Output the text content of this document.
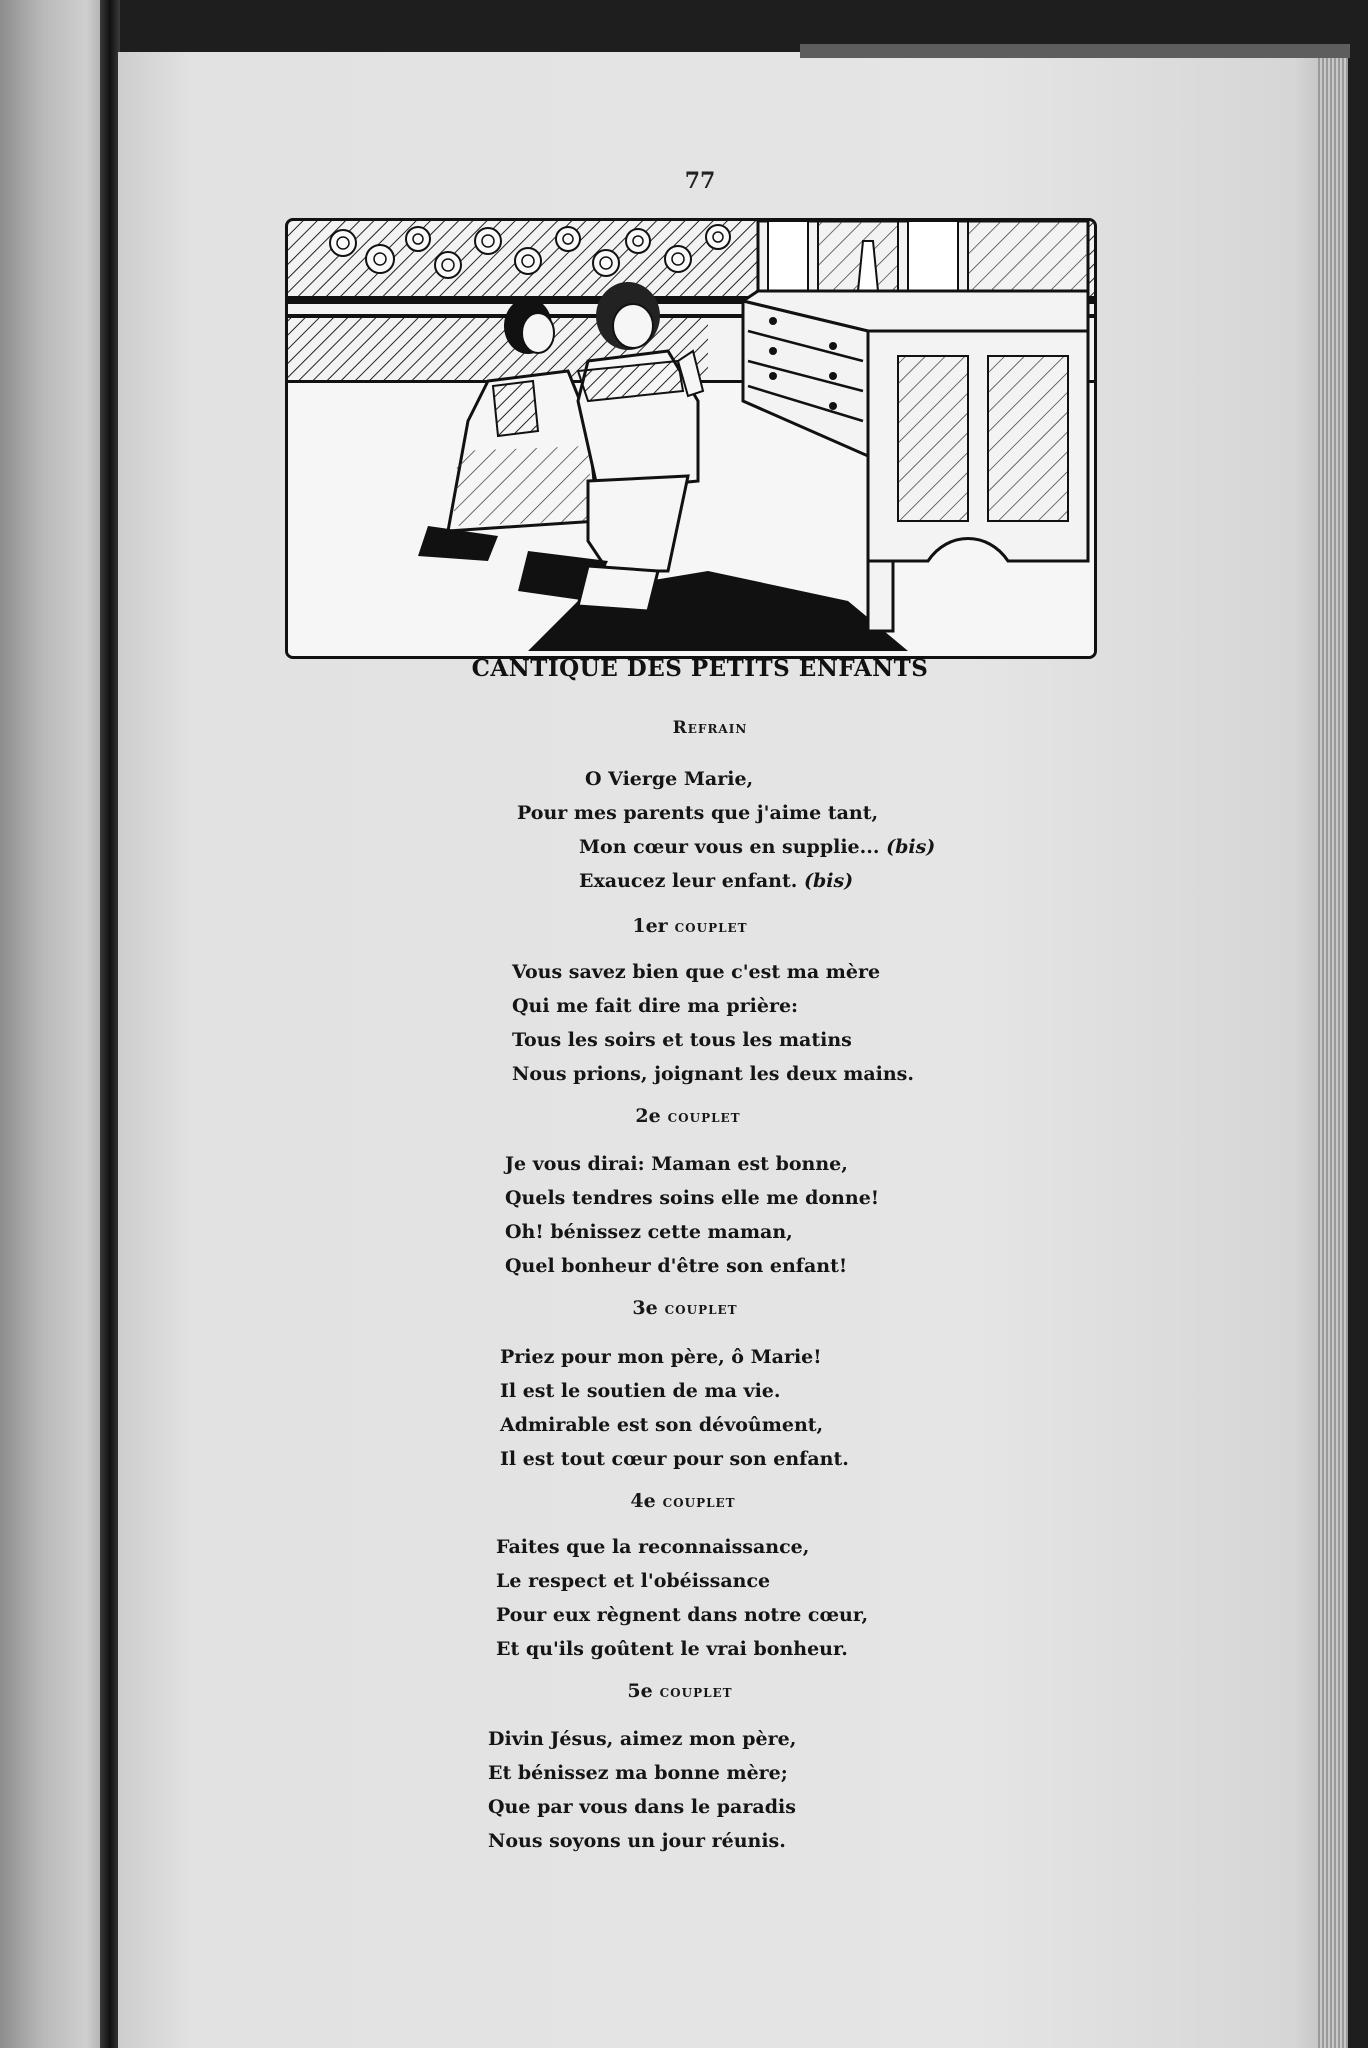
77
CANTIQUE DES PETITS ENFANTS
Refrain
O Vierge Marie,
Pour mes parents que j'aime tant,
Mon cœur vous en supplie... (bis)
Exaucez leur enfant. (bis)
1er couplet
Vous savez bien que c'est ma mère
Qui me fait dire ma prière:
Tous les soirs et tous les matins
Nous prions, joignant les deux mains.
2e couplet
Je vous dirai: Maman est bonne,
Quels tendres soins elle me donne!
Oh! bénissez cette maman,
Quel bonheur d'être son enfant!
3e couplet
Priez pour mon père, ô Marie!
Il est le soutien de ma vie.
Admirable est son dévoûment,
Il est tout cœur pour son enfant.
4e couplet
Faites que la reconnaissance,
Le respect et l'obéissance
Pour eux règnent dans notre cœur,
Et qu'ils goûtent le vrai bonheur.
5e couplet
Divin Jésus, aimez mon père,
Et bénissez ma bonne mère;
Que par vous dans le paradis
Nous soyons un jour réunis.
